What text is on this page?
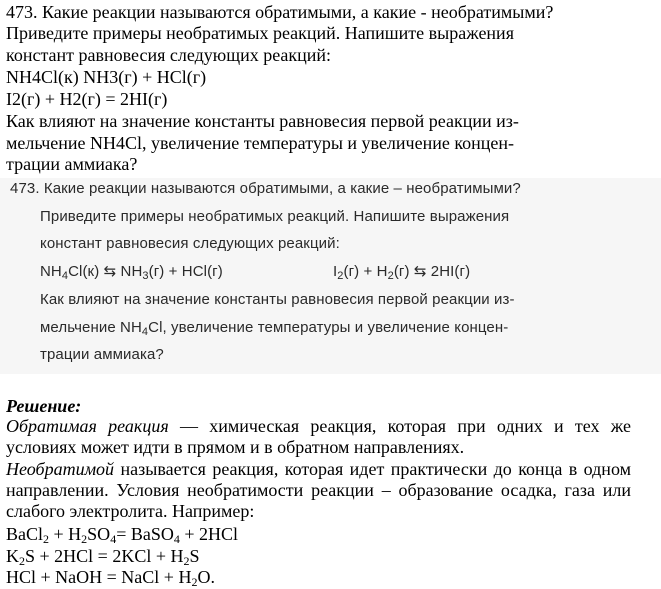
473. Какие реакции называются обратимыми, а какие - необратимыми?
Приведите примеры необратимых реакций. Напишите выражения
констант равновесия следующих реакций:
NH4Cl(к) NH3(г) + HCl(г)
I2(г) + H2(г) = 2HI(г)
Как влияют на значение константы равновесия первой реакции из-
мельчение NH4Cl, увеличение температуры и увеличение концен-
трации аммиака?
473. Какие реакции называются обратимыми, а какие – необратимыми?
Приведите примеры необратимых реакций. Напишите выражения
констант равновесия следующих реакций:
$NH_4Cl(к)$ ⇆ $NH_3(г) + HCl(г)$	$I_2(г) + H_2(г)$ ⇆ 2HI(г)
Как влияют на значение константы равновесия первой реакции из-
мельчение $NH_4Cl$, увеличение температуры и увеличение концен-
трации аммиака?
Решение:
Обратимая реакция — химическая реакция, которая при одних и тех же условиях может идти в прямом и в обратном направлениях.
Необратимой называется реакция, которая идет практически до конца в одном направлении. Условия необратимости реакции – образование осадка, газа или слабого электролита. Например:
BaCl$_2$ + $H_2SO_4=$ BaSO$_4$ + 2HCl
$K_2S + 2HCl = 2KCl + H_2S$
HCl + NaOH = NaCl + $H_2O$.
